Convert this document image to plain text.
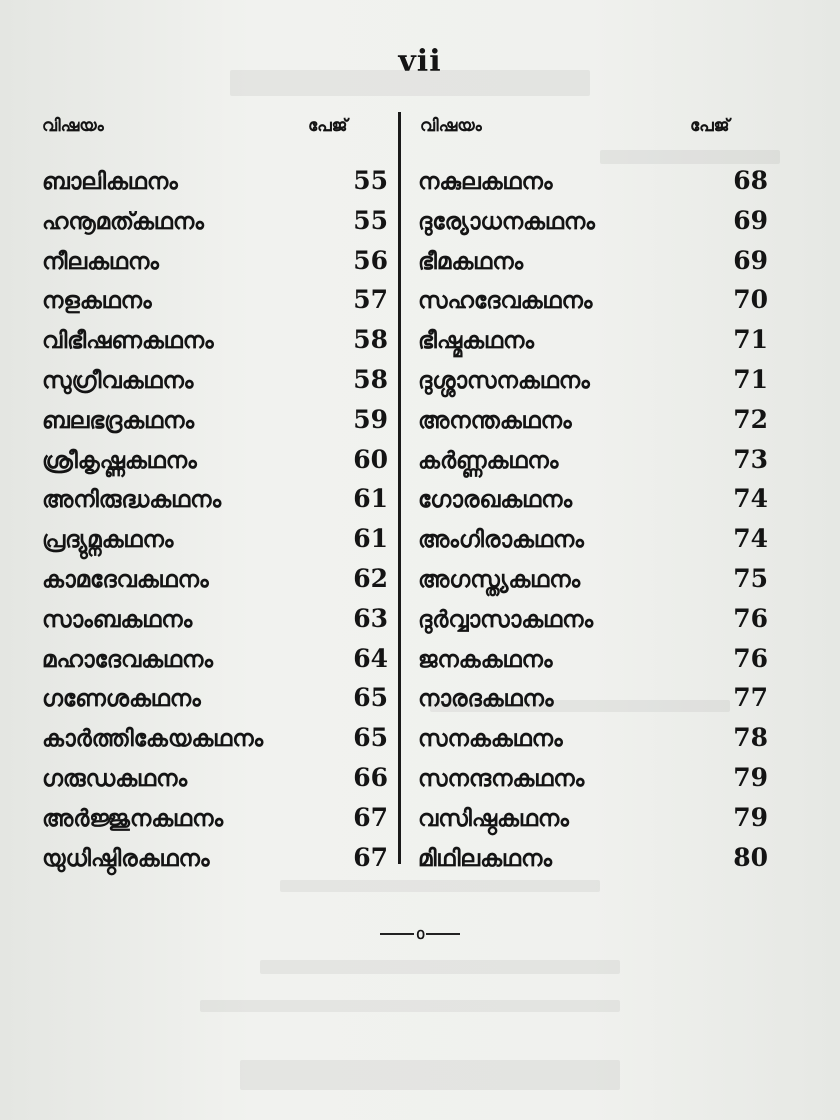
vii
വിഷയം	പേജ്	വിഷയം	പേജ്
ബാലികഥനം	55
ഹനൂമത്കഥനം	55
നീലകഥനം	56
നളകഥനം	57
വിഭീഷണകഥനം	58
സുഗ്രീവകഥനം	58
ബലഭദ്രകഥനം	59
ശ്രീകൃഷ്ണകഥനം	60
അനിരുദ്ധകഥനം	61
പ്രദ്യുമ്നകഥനം	61
കാമദേവകഥനം	62
സാംബകഥനം	63
മഹാദേവകഥനം	64
ഗണേശകഥനം	65
കാർത്തികേയകഥനം	65
ഗരുഡകഥനം	66
അർജ്ജുനകഥനം	67
യുധിഷ്ഠിരകഥനം	67
നകുലകഥനം	68
ദുര്യോധനകഥനം	69
ഭീമകഥനം	69
സഹദേവകഥനം	70
ഭീഷ്മകഥനം	71
ദുശ്ശാസനകഥനം	71
അനന്തകഥനം	72
കർണ്ണകഥനം	73
ഗോരഖകഥനം	74
അംഗിരാകഥനം	74
അഗസ്ത്യകഥനം	75
ദുർവ്വാസാകഥനം	76
ജനകകഥനം	76
നാരദകഥനം	77
സനകകഥനം	78
സനന്ദനകഥനം	79
വസിഷ്ഠകഥനം	79
മിഥിലകഥനം	80
൦
